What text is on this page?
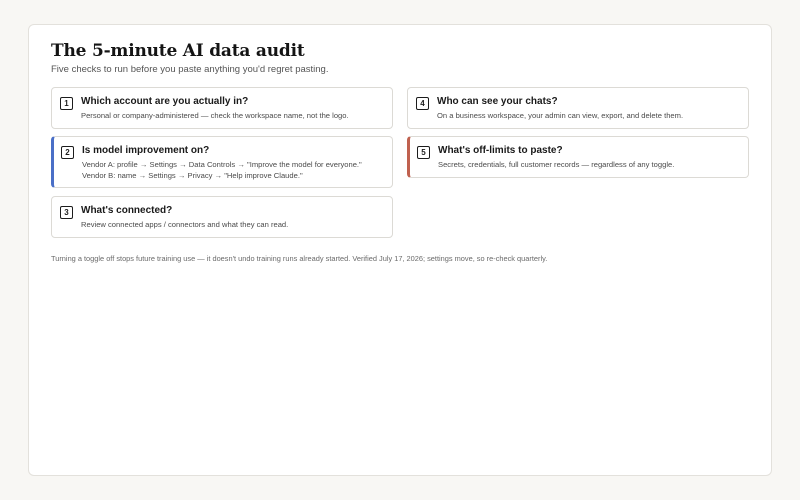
The 5-minute AI data audit

Five checks to run before you paste anything you'd regret pasting.

1	Which account are you actually in?
Personal or company-administered — check the workspace name, not the logo.
2	Is model improvement on?
Vendor A: profile → Settings → Data Controls → "Improve the model for everyone."
Vendor B: name → Settings → Privacy → "Help improve Claude."
3	What's connected?
Review connected apps / connectors and what they can read.
4	Who can see your chats?
On a business workspace, your admin can view, export, and delete them.
5	What's off-limits to paste?
Secrets, credentials, full customer records — regardless of any toggle.
Turning a toggle off stops future training use — it doesn't undo training runs already started. Verified July 17, 2026; settings move, so re-check quarterly.
